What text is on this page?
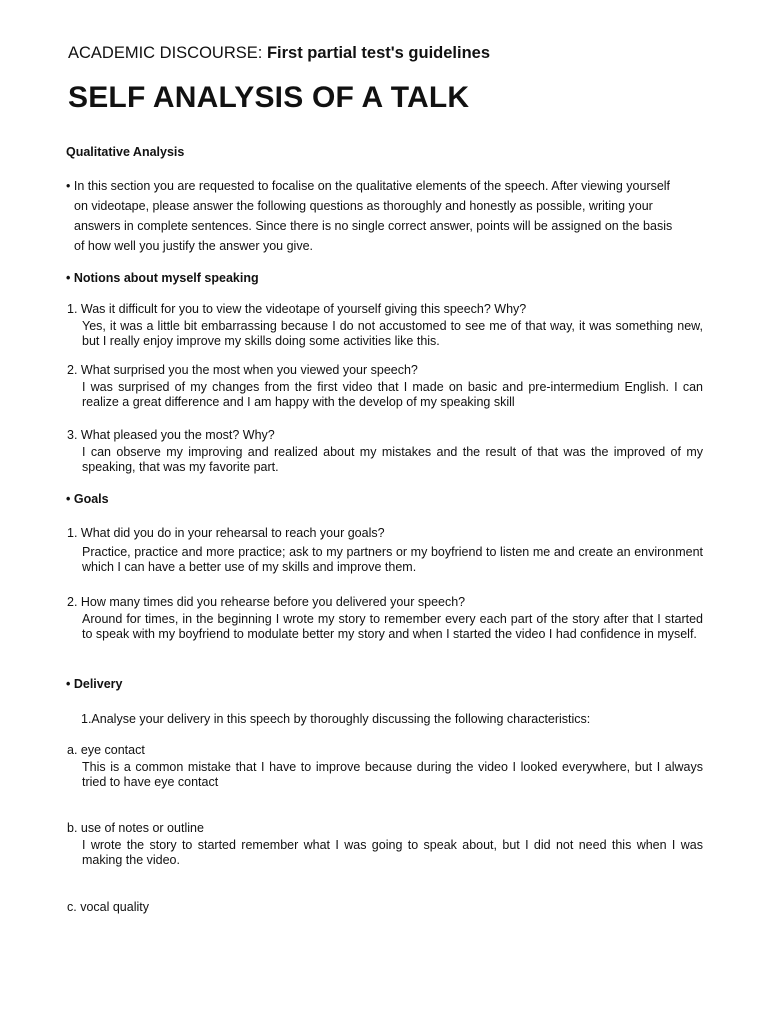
ACADEMIC DISCOURSE: First partial test's guidelines
SELF ANALYSIS OF A TALK
Qualitative Analysis
• In this section you are requested to focalise on the qualitative elements of the speech. After viewing yourself
on videotape, please answer the following questions as thoroughly and honestly as possible, writing your
answers in complete sentences. Since there is no single correct answer, points will be assigned on the basis
of how well you justify the answer you give.
• Notions about myself speaking
1. Was it difficult for you to view the videotape of yourself giving this speech? Why?
Yes, it was a little bit embarrassing because I do not accustomed to see me of that way, it was something new, but I really enjoy improve my skills doing some activities like this.
2. What surprised you the most when you viewed your speech?
I was surprised of my changes from the first video that I made on basic and pre-intermedium English. I can realize a great difference and I am happy with the develop of my speaking skill
3. What pleased you the most? Why?
I can observe my improving and realized about my mistakes and the result of that was the improved of my speaking, that was my favorite part.
• Goals
1. What did you do in your rehearsal to reach your goals?
Practice, practice and more practice; ask to my partners or my boyfriend to listen me and create an environment which I can have a better use of my skills and improve them.
2. How many times did you rehearse before you delivered your speech?
Around for times, in the beginning I wrote my story to remember every each part of the story after that I started to speak with my boyfriend to modulate better my story and when I started the video I had confidence in myself.
• Delivery
1.Analyse your delivery in this speech by thoroughly discussing the following characteristics:
a. eye contact
This is a common mistake that I have to improve because during the video I looked everywhere, but I always tried to have eye contact
b. use of notes or outline
I wrote the story to started remember what I was going to speak about, but I did not need this when I was making the video.
c. vocal quality
